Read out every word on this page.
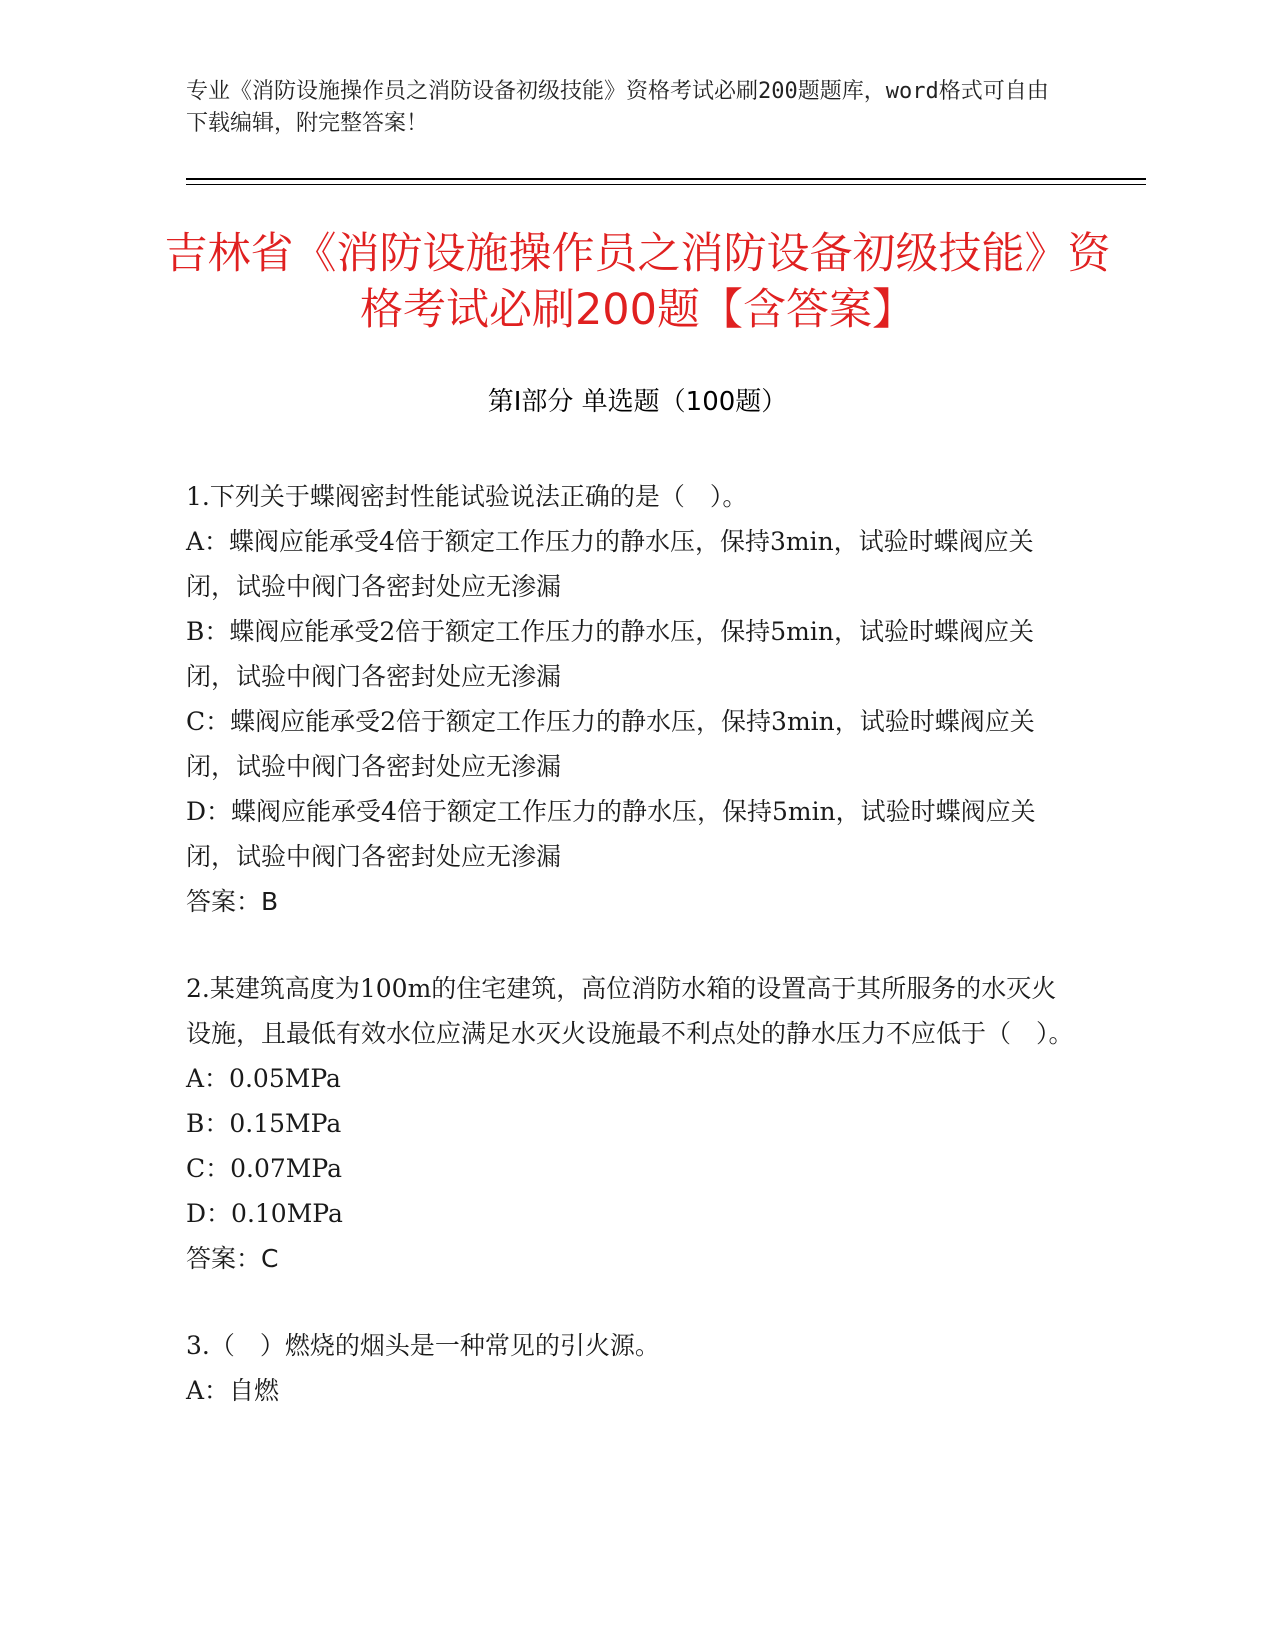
专业《消防设施操作员之消防设备初级技能》资格考试必刷200题题库，word格式可自由下载编辑，附完整答案！
吉林省《消防设施操作员之消防设备初级技能》资格考试必刷200题【含答案】
第Ⅰ部分 单选题（100题）

1.下列关于蝶阀密封性能试验说法正确的是（　）。

A：蝶阀应能承受4倍于额定工作压力的静水压，保持3min，试验时蝶阀应关闭，试验中阀门各密封处应无渗漏

B：蝶阀应能承受2倍于额定工作压力的静水压，保持5min，试验时蝶阀应关闭，试验中阀门各密封处应无渗漏

C：蝶阀应能承受2倍于额定工作压力的静水压，保持3min，试验时蝶阀应关闭，试验中阀门各密封处应无渗漏

D：蝶阀应能承受4倍于额定工作压力的静水压，保持5min，试验时蝶阀应关闭，试验中阀门各密封处应无渗漏

答案：B

2.某建筑高度为100m的住宅建筑，高位消防水箱的设置高于其所服务的水灭火设施，且最低有效水位应满足水灭火设施最不利点处的静水压力不应低于（　）。

A：0.05MPa

B：0.15MPa

C：0.07MPa

D：0.10MPa

答案：C

3.（　）燃烧的烟头是一种常见的引火源。

A：自燃
